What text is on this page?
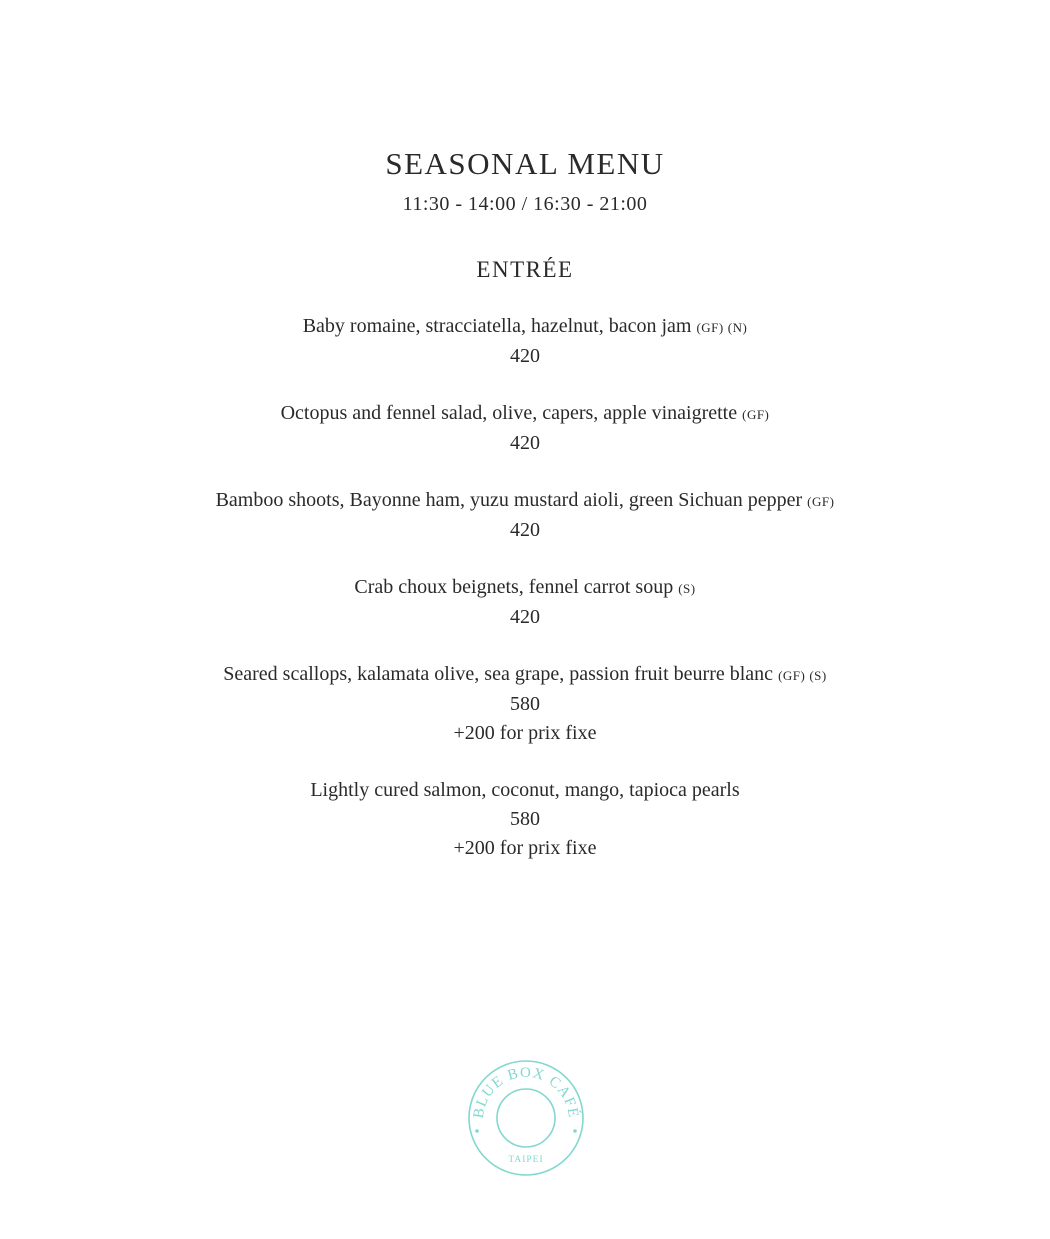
SEASONAL MENU
11:30 - 14:00 / 16:30 - 21:00
ENTRÉE
Baby romaine, stracciatella, hazelnut, bacon jam (GF) (N)
420
Octopus and fennel salad, olive, capers, apple vinaigrette (GF)
420
Bamboo shoots, Bayonne ham, yuzu mustard aioli, green Sichuan pepper (GF)
420
Crab choux beignets, fennel carrot soup (S)
420
Seared scallops, kalamata olive, sea grape, passion fruit beurre blanc (GF) (S)
580
+200 for prix fixe
Lightly cured salmon, coconut, mango, tapioca pearls
580
+200 for prix fixe
BLUE BOX CAFÉ
TAIPEI
